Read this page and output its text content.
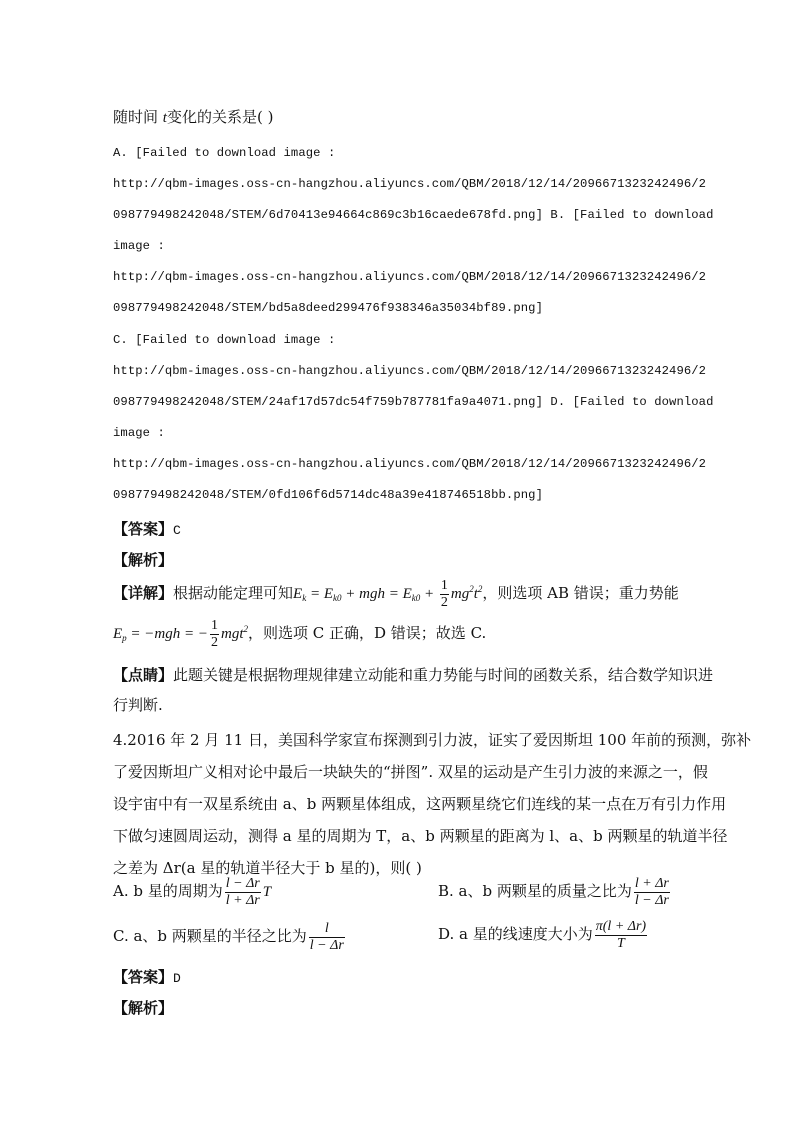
随时间 t变化的关系是( )
A. [Failed to download image :
http://qbm-images.oss-cn-hangzhou.aliyuncs.com/QBM/2018/12/14/2096671323242496/2
098779498242048/STEM/6d70413e94664c869c3b16caede678fd.png] B. [Failed to download
image :
http://qbm-images.oss-cn-hangzhou.aliyuncs.com/QBM/2018/12/14/2096671323242496/2
098779498242048/STEM/bd5a8deed299476f938346a35034bf89.png]
C. [Failed to download image :
http://qbm-images.oss-cn-hangzhou.aliyuncs.com/QBM/2018/12/14/2096671323242496/2
098779498242048/STEM/24af17d57dc54f759b787781fa9a4071.png] D. [Failed to download
image :
http://qbm-images.oss-cn-hangzhou.aliyuncs.com/QBM/2018/12/14/2096671323242496/2
098779498242048/STEM/0fd106f6d5714dc48a39e418746518bb.png]
【答案】C
【解析】
【详解】根据动能定理可知$E_k = E_{k0}$ + mgh = $E_{k0} + \frac{1}{2} mg^2t^2$，则选项 AB 错误；重力势能
$E_p = -mgh$ = − $\frac{1}{2} mgt^2$，则选项 C 正确，D 错误；故选 C.
【点睛】此题关键是根据物理规律建立动能和重力势能与时间的函数关系，结合数学知识进
行判断.
4.2016 年 2 月 11 日，美国科学家宣布探测到引力波，证实了爱因斯坦 100 年前的预测，弥补
了爱因斯坦广义相对论中最后一块缺失的“拼图”. 双星的运动是产生引力波的来源之一，假
设宇宙中有一双星系统由 a、b 两颗星体组成，这两颗星绕它们连线的某一点在万有引力作用
下做匀速圆周运动，测得 a 星的周期为 T，a、b 两颗星的距离为 l、a、b 两颗星的轨道半径
之差为 Δr(a 星的轨道半径大于 b 星的)，则( )
A. b 星的周期为 $\frac{l - \Delta r}{l + \Delta r}$ T	B. a、b 两颗星的质量之比为 $\frac{l + \Delta r}{l - \Delta r}$
C. a、b 两颗星的半径之比为 $\frac{l}{l - \Delta r}$	D. a 星的线速度大小为 $\frac{\pi(l + \Delta r)}{T}$
【答案】D
【解析】
